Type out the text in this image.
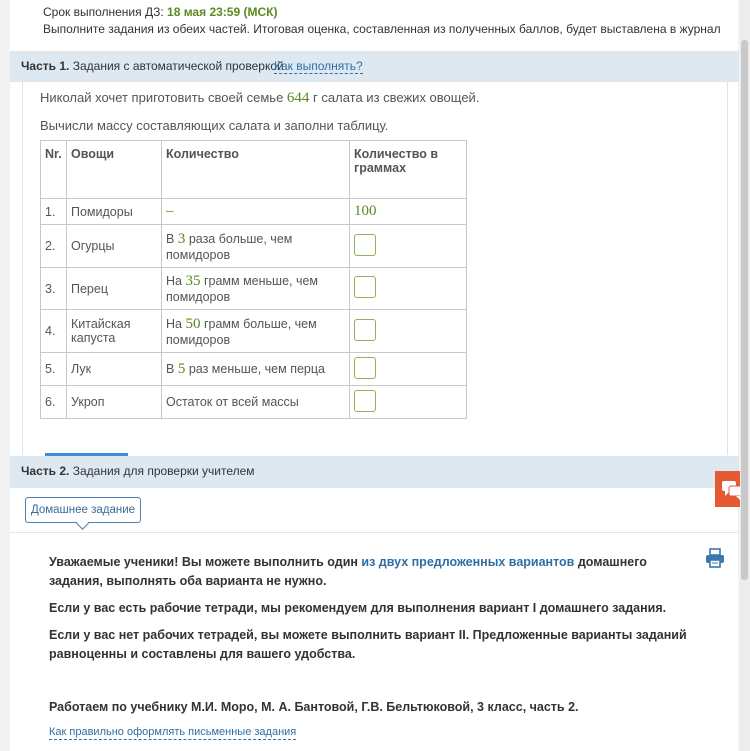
Срок выполнения ДЗ: 18 мая 23:59 (МСК)
Выполните задания из обеих частей. Итоговая оценка, составленная из полученных баллов, будет выставлена в журнал
Часть 1. Задания с автоматической проверкой
Как выполнять?
Николай хочет приготовить своей семье 644 г салата из свежих овощей.
Вычисли массу составляющих салата и заполни таблицу.
Nr.	Овощи	Количество	Количество в граммах
1.	Помидоры	–	100
2.	Огурцы	В 3 раза больше, чем помидоров	
3.	Перец	На 35 грамм меньше, чем помидоров	
4.	Китайская капуста	На 50 грамм больше, чем помидоров	
5.	Лук	В 5 раз меньше, чем перца	
6.	Укроп	Остаток от всей массы	
Часть 2. Задания для проверки учителем
Домашнее задание
Уважаемые ученики! Вы можете выполнить один из двух предложенных вариантов домашнего задания, выполнять оба варианта не нужно.
Если у вас есть рабочие тетради, мы рекомендуем для выполнения вариант I домашнего задания.
Если у вас нет рабочих тетрадей, вы можете выполнить вариант II. Предложенные варианты заданий равноценны и составлены для вашего удобства.
Работаем по учебнику М.И. Моро, М. А. Бантовой, Г.В. Бельтюковой, 3 класс, часть 2.
Как правильно оформлять письменные задания
